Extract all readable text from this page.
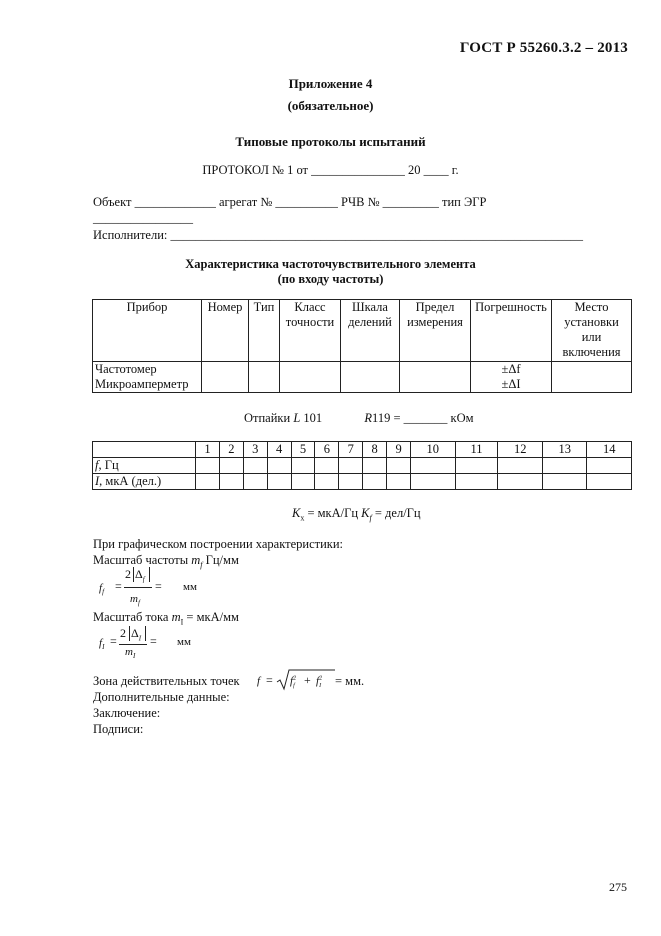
ГОСТ Р 55260.3.2 – 2013
Приложение 4
(обязательное)
Типовые протоколы испытаний
ПРОТОКОЛ № 1 от _______________ 20 ____ г.
Объект _____________ агрегат № __________ РЧВ № _________ тип ЭГР
________________
Исполнители: __________________________________________________________________
Характеристика частоточувствительного элемента
(по входу частоты)
Прибор	Номер	Тип	Класс точности	Шкала делений	Предел измерения	Погрешность	Место установки или включения
Частотомер						±Δf	
Микроамперметр						±ΔI	
Отпайки L 101	R119 = _______ кОм
	1	2	3	4	5	6	7	8	9	10	11	12	13	14
f, Гц														
I, мкА (дел.)														
$K_x = мкА/Гц$ $K_f = дел/Гц$
При графическом построении характеристики:
Масштаб частоты $m_f$ Гц/мм
$f_f$ =
2 $\Delta_f$
$m_f$
= мм
Масштаб тока $m_I = мкА/мм$
$f_I$ =
2 $\Delta_I$
$m_I$
= мм
Зона действительных точек $f = f^2_f + f^2_I$ = мм.
Дополнительные данные:
Заключение:
Подписи:
275
